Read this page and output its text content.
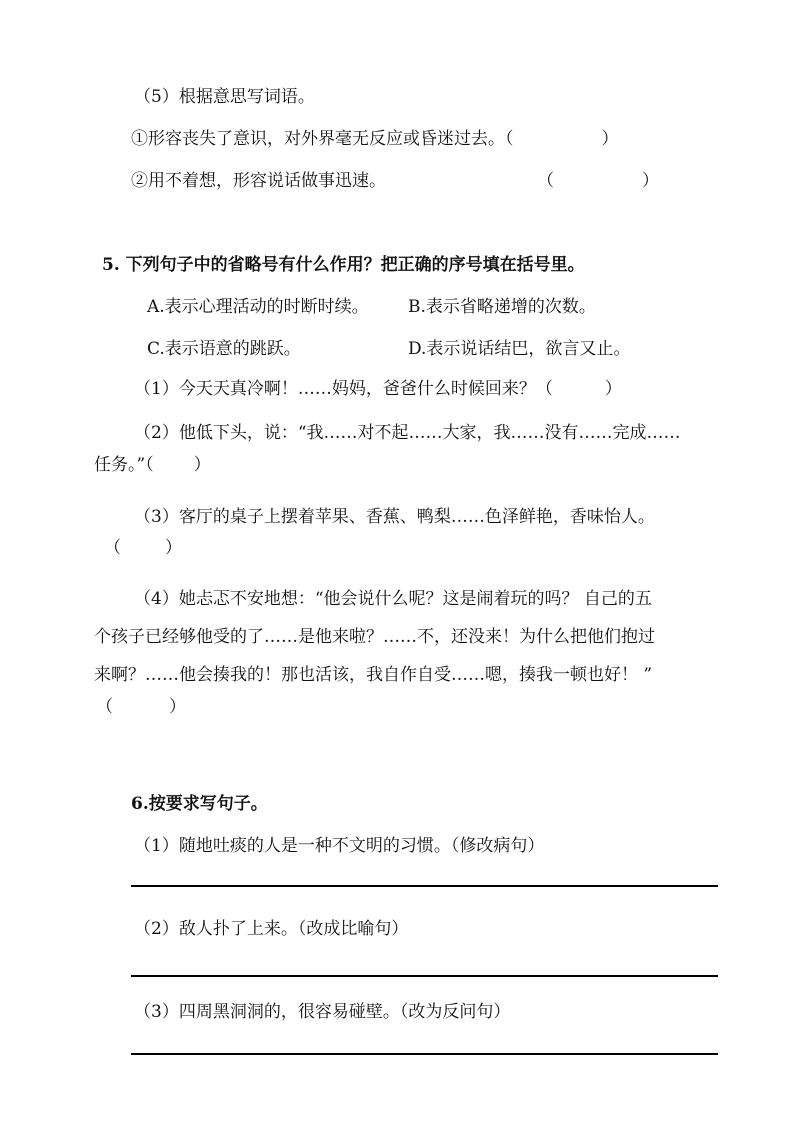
（5）根据意思写词语。
①形容丧失了意识，对外界毫无反应或昏迷过去。（	）
②用不着想，形容说话做事迅速。	（	）
5. 下列句子中的省略号有什么作用？把正确的序号填在括号里。
A.表示心理活动的时断时续。 B.表示省略递增的次数。
C.表示语意的跳跃。	D.表示说话结巴，欲言又止。
（1）今天天真冷啊！……妈妈，爸爸什么时候回来？（	）
（2）他低下头，说：“我……对不起……大家，我……没有……完成……
任务。”（ ）
（3）客厅的桌子上摆着苹果、香蕉、鸭梨……色泽鲜艳，香味怡人。
（	）
（4）她忐忑不安地想：“他会说什么呢？这是闹着玩的吗？ 自己的五
个孩子已经够他受的了……是他来啦？……不，还没来！为什么把他们抱过
来啊？……他会揍我的！那也活该，我自作自受……嗯，揍我一顿也好！ ”
（	）
6.按要求写句子。
（1）随地吐痰的人是一种不文明的习惯。（修改病句）
（2）敌人扑了上来。（改成比喻句）
（3）四周黑洞洞的，很容易碰壁。（改为反问句）
